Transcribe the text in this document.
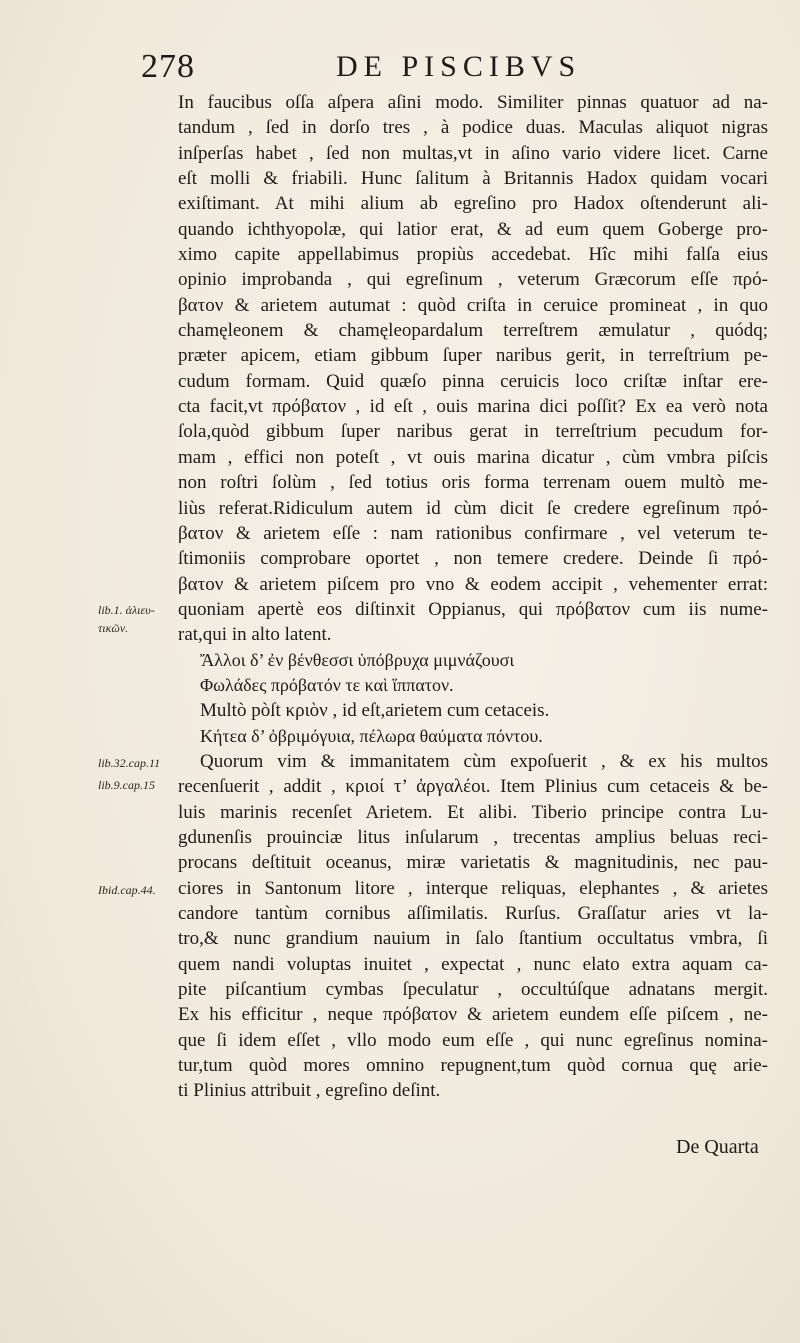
278	DE PISCIBVS
lib.1. ἁλιευ-
τικῶν.
lib.32.cap.11
lib.9.cap.15
Ibid.cap.44.
In faucibus oſſa aſpera aſini modo. Similiter pinnas quatuor ad na-
tandum , ſed in dorſo tres , à podice duas. Maculas aliquot nigras
inſperſas habet , ſed non multas,vt in aſino vario videre licet. Carne
eſt molli & friabili. Hunc ſalitum à Britannis Hadox quidam vocari
exiſtimant. At mihi alium ab egreſino pro Hadox oſtenderunt ali-
quando ichthyopolæ, qui latior erat, & ad eum quem Goberge pro-
ximo capite appellabimus propiùs accedebat. Hîc mihi falſa eius
opinio improbanda , qui egreſinum , veterum Græcorum eſſe πρό-
βατον & arietem autumat : quòd criſta in ceruice promineat , in quo
chamęleonem & chamęleopardalum terreſtrem æmulatur , quódq;
præter apicem, etiam gibbum ſuper naribus gerit, in terreſtrium pe-
cudum formam. Quid quæſo pinna ceruicis loco criſtæ inſtar ere-
cta facit,vt πρόβατον , id eſt , ouis marina dici poſſit? Ex ea verò nota
ſola,quòd gibbum ſuper naribus gerat in terreſtrium pecudum for-
mam , effici non poteſt , vt ouis marina dicatur , cùm vmbra piſcis
non roſtri ſolùm , ſed totius oris forma terrenam ouem multò me-
liùs referat.Ridiculum autem id cùm dicit ſe credere egreſinum πρό-
βατον & arietem eſſe : nam rationibus confirmare , vel veterum te-
ſtimoniis comprobare oportet , non temere credere. Deinde ſi πρό-
βατον & arietem piſcem pro vno & eodem accipit , vehementer errat:
quoniam apertè eos diſtinxit Oppianus, qui πρόβατον cum iis nume-
rat,qui in alto latent.
Ἄλλοι δ’ ἐν βένθεσσι ὑπόβρυχα μιμνάζουσι
Φωλάδες πρόβατόν τε καὶ ἵππατον.
Multò pòſt κριὸν , id eſt,arietem cum cetaceis.
Κήτεα δ’ ὀβριμόγυια, πέλωρα θαύματα πόντου.
Quorum vim & immanitatem cùm expoſuerit , & ex his multos
recenſuerit , addit , κριοί τ’ ἀργαλέοι. Item Plinius cum cetaceis & be-
luis marinis recenſet Arietem. Et alibi. Tiberio principe contra Lu-
gdunenſis prouinciæ litus inſularum , trecentas amplius beluas reci-
procans deſtituit oceanus, miræ varietatis & magnitudinis, nec pau-
ciores in Santonum litore , interque reliquas, elephantes , & arietes
candore tantùm cornibus aſſimilatis. Rurſus. Graſſatur aries vt la-
tro,& nunc grandium nauium in ſalo ſtantium occultatus vmbra, ſi
quem nandi voluptas inuitet , expectat , nunc elato extra aquam ca-
pite piſcantium cymbas ſpeculatur , occultúſque adnatans mergit.
Ex his efficitur , neque πρόβατον & arietem eundem eſſe piſcem , ne-
que ſi idem eſſet , vllo modo eum eſſe , qui nunc egreſinus nomina-
tur,tum quòd mores omnino repugnent,tum quòd cornua quę arie-
ti Plinius attribuit , egreſino deſint.
De Quarta
